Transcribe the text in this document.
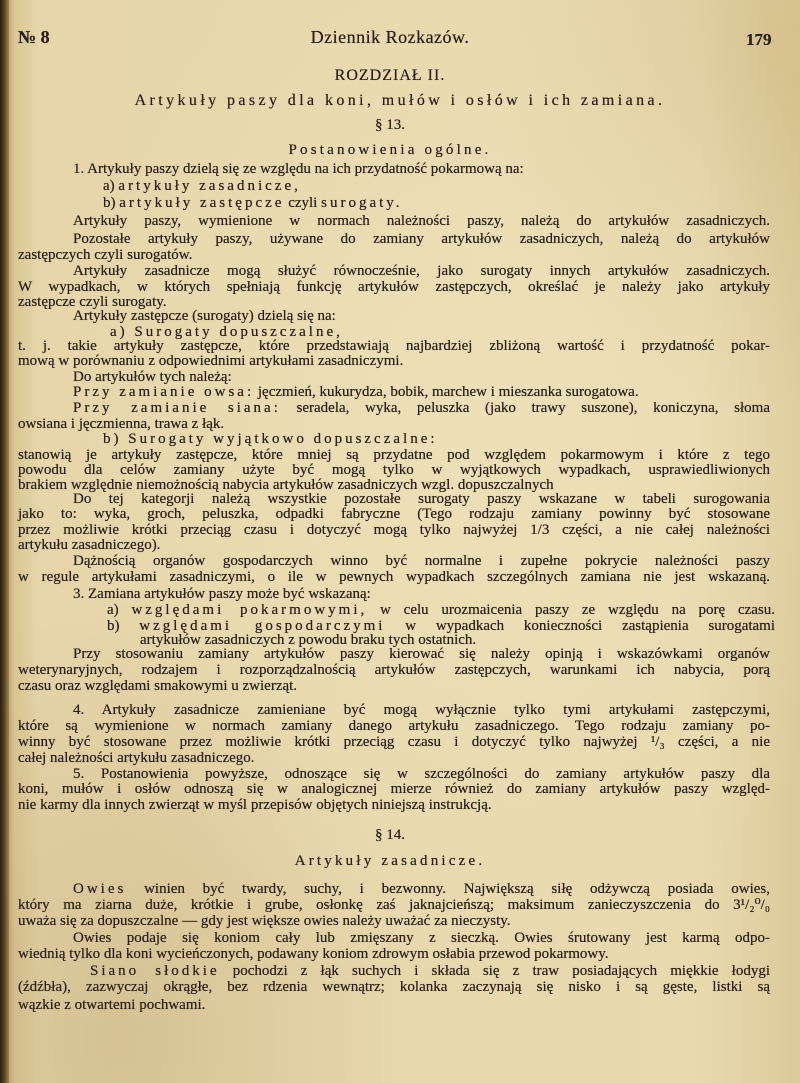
№ 8	Dziennik Rozkazów.	179
ROZDZIAŁ II.
Artykuły paszy dla koni, mułów i osłów i ich zamiana.
§ 13.
Postanowienia ogólne.
1. Artykuły paszy dzielą się ze względu na ich przydatność pokarmową na:
a) artykuły zasadnicze,
b) artykuły zastępcze czyli surogaty.
Artykuły paszy, wymienione w normach należności paszy, należą do artykułów zasadniczych.
Pozostałe artykuły paszy, używane do zamiany artykułów zasadniczych, należą do artykułów
zastępczych czyli surogatów.
Artykuły zasadnicze mogą służyć równocześnie, jako surogaty innych artykułów zasadniczych.
W wypadkach, w których spełniają funkcję artykułów zastępczych, określać je należy jako artykuły
zastępcze czyli surogaty.
Artykuły zastępcze (surogaty) dzielą się na:
a) Surogaty dopuszczalne,
t. j. takie artykuły zastępcze, które przedstawiają najbardziej zbliżoną wartość i przydatność pokar-
mową w porównaniu z odpowiednimi artykułami zasadniczymi.
Do artykułów tych należą:
Przy zamianie owsa: jęczmień, kukurydza, bobik, marchew i mieszanka surogatowa.
Przy zamianie siana: seradela, wyka, peluszka (jako trawy suszone), koniczyna, słoma
owsiana i jęczmienna, trawa z łąk.
b) Surogaty wyjątkowo dopuszczalne:
stanowią je artykuły zastępcze, które mniej są przydatne pod względem pokarmowym i które z tego
powodu dla celów zamiany użyte być mogą tylko w wyjątkowych wypadkach, usprawiedliwionych
brakiem względnie niemożnością nabycia artykułów zasadniczych wzgl. dopuszczalnych
Do tej kategorji należą wszystkie pozostałe surogaty paszy wskazane w tabeli surogowania
jako to: wyka, groch, peluszka, odpadki fabryczne (Tego rodzaju zamiany powinny być stosowane
przez możliwie krótki przeciąg czasu i dotyczyć mogą tylko najwyżej 1/3 części, a nie całej należności
artykułu zasadniczego).
Dążnością organów gospodarczych winno być normalne i zupełne pokrycie należności paszy
w regule artykułami zasadniczymi, o ile w pewnych wypadkach szczególnych zamiana nie jest wskazaną.
3. Zamiana artykułów paszy może być wskazaną:
a) względami pokarmowymi, w celu urozmaicenia paszy ze względu na porę czasu.
b) względami gospodarczymi w wypadkach konieczności zastąpienia surogatami
artykułów zasadniczych z powodu braku tych ostatnich.
Przy stosowaniu zamiany artykułów paszy kierować się należy opinją i wskazówkami organów
weterynaryjnych, rodzajem i rozporządzalnością artykułów zastępczych, warunkami ich nabycia, porą
czasu oraz względami smakowymi u zwierząt.
4. Artykuły zasadnicze zamieniane być mogą wyłącznie tylko tymi artykułami zastępczymi,
które są wymienione w normach zamiany danego artykułu zasadniczego. Tego rodzaju zamiany po-
winny być stosowane przez możliwie krótki przeciąg czasu i dotyczyć tylko najwyżej ¹/₃ części, a nie
całej należności artykułu zasadniczego.
5. Postanowienia powyższe, odnoszące się w szczególności do zamiany artykułów paszy dla
koni, mułów i osłów odnoszą się w analogicznej mierze również do zamiany artykułów paszy względ-
nie karmy dla innych zwierząt w myśl przepisów objętych niniejszą instrukcją.
§ 14.
Artykuły zasadnicze.
Owies winien być twardy, suchy, i bezwonny. Największą siłę odżywczą posiada owies,
który ma ziarna duże, krótkie i grube, osłonkę zaś jaknajcieńszą; maksimum zanieczyszczenia do 3¹/₂⁰/₀
uważa się za dopuszczalne — gdy jest większe owies należy uważać za nieczysty.
Owies podaje się koniom cały lub zmięszany z sieczką. Owies śrutowany jest karmą odpo-
wiednią tylko dla koni wycieńczonych, podawany koniom zdrowym osłabia przewod pokarmowy.
Siano słodkie pochodzi z łąk suchych i składa się z traw posiadających miękkie łodygi
(źdźbła), zazwyczaj okrągłe, bez rdzenia wewnątrz; kolanka zaczynają się nisko i są gęste, listki są
wązkie z otwartemi pochwami.
